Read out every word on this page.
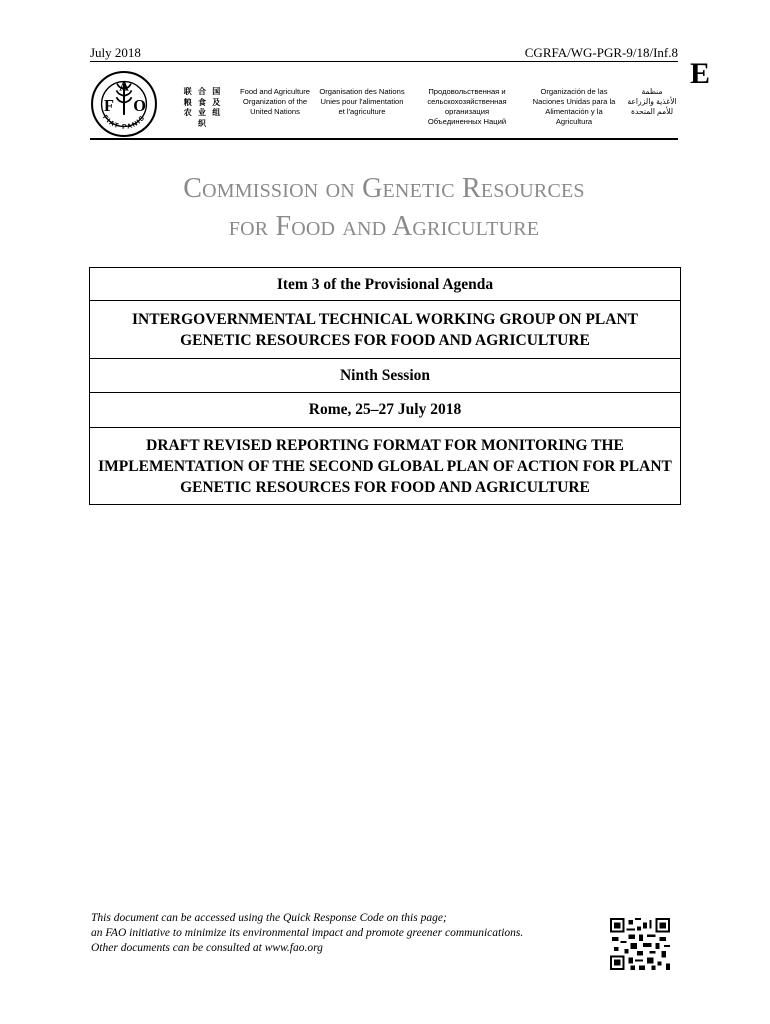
July 2018	CGRFA/WG-PGR-9/18/Inf.8
E
F
A
O
FIAT PANIS
联 合 国
粮 食 及
农 业 组 织
Food and Agriculture
Organization of the
United Nations
Organisation des Nations
Unies pour l'alimentation
et l'agriculture
Продовольственная и
сельскохозяйственная организация
Объединенных Наций
Organización de las
Naciones Unidas para la
Alimentación y la Agricultura
منظمة
الأغذية والزراعة
للأمم المتحدة
Commission on Genetic Resources
for Food and Agriculture
Item 3 of the Provisional Agenda
INTERGOVERNMENTAL TECHNICAL WORKING GROUP ON PLANT GENETIC RESOURCES FOR FOOD AND AGRICULTURE
Ninth Session
Rome, 25–27 July 2018
DRAFT REVISED REPORTING FORMAT FOR MONITORING THE IMPLEMENTATION OF THE SECOND GLOBAL PLAN OF ACTION FOR PLANT GENETIC RESOURCES FOR FOOD AND AGRICULTURE
This document can be accessed using the Quick Response Code on this page;
an FAO initiative to minimize its environmental impact and promote greener communications.
Other documents can be consulted at www.fao.org
